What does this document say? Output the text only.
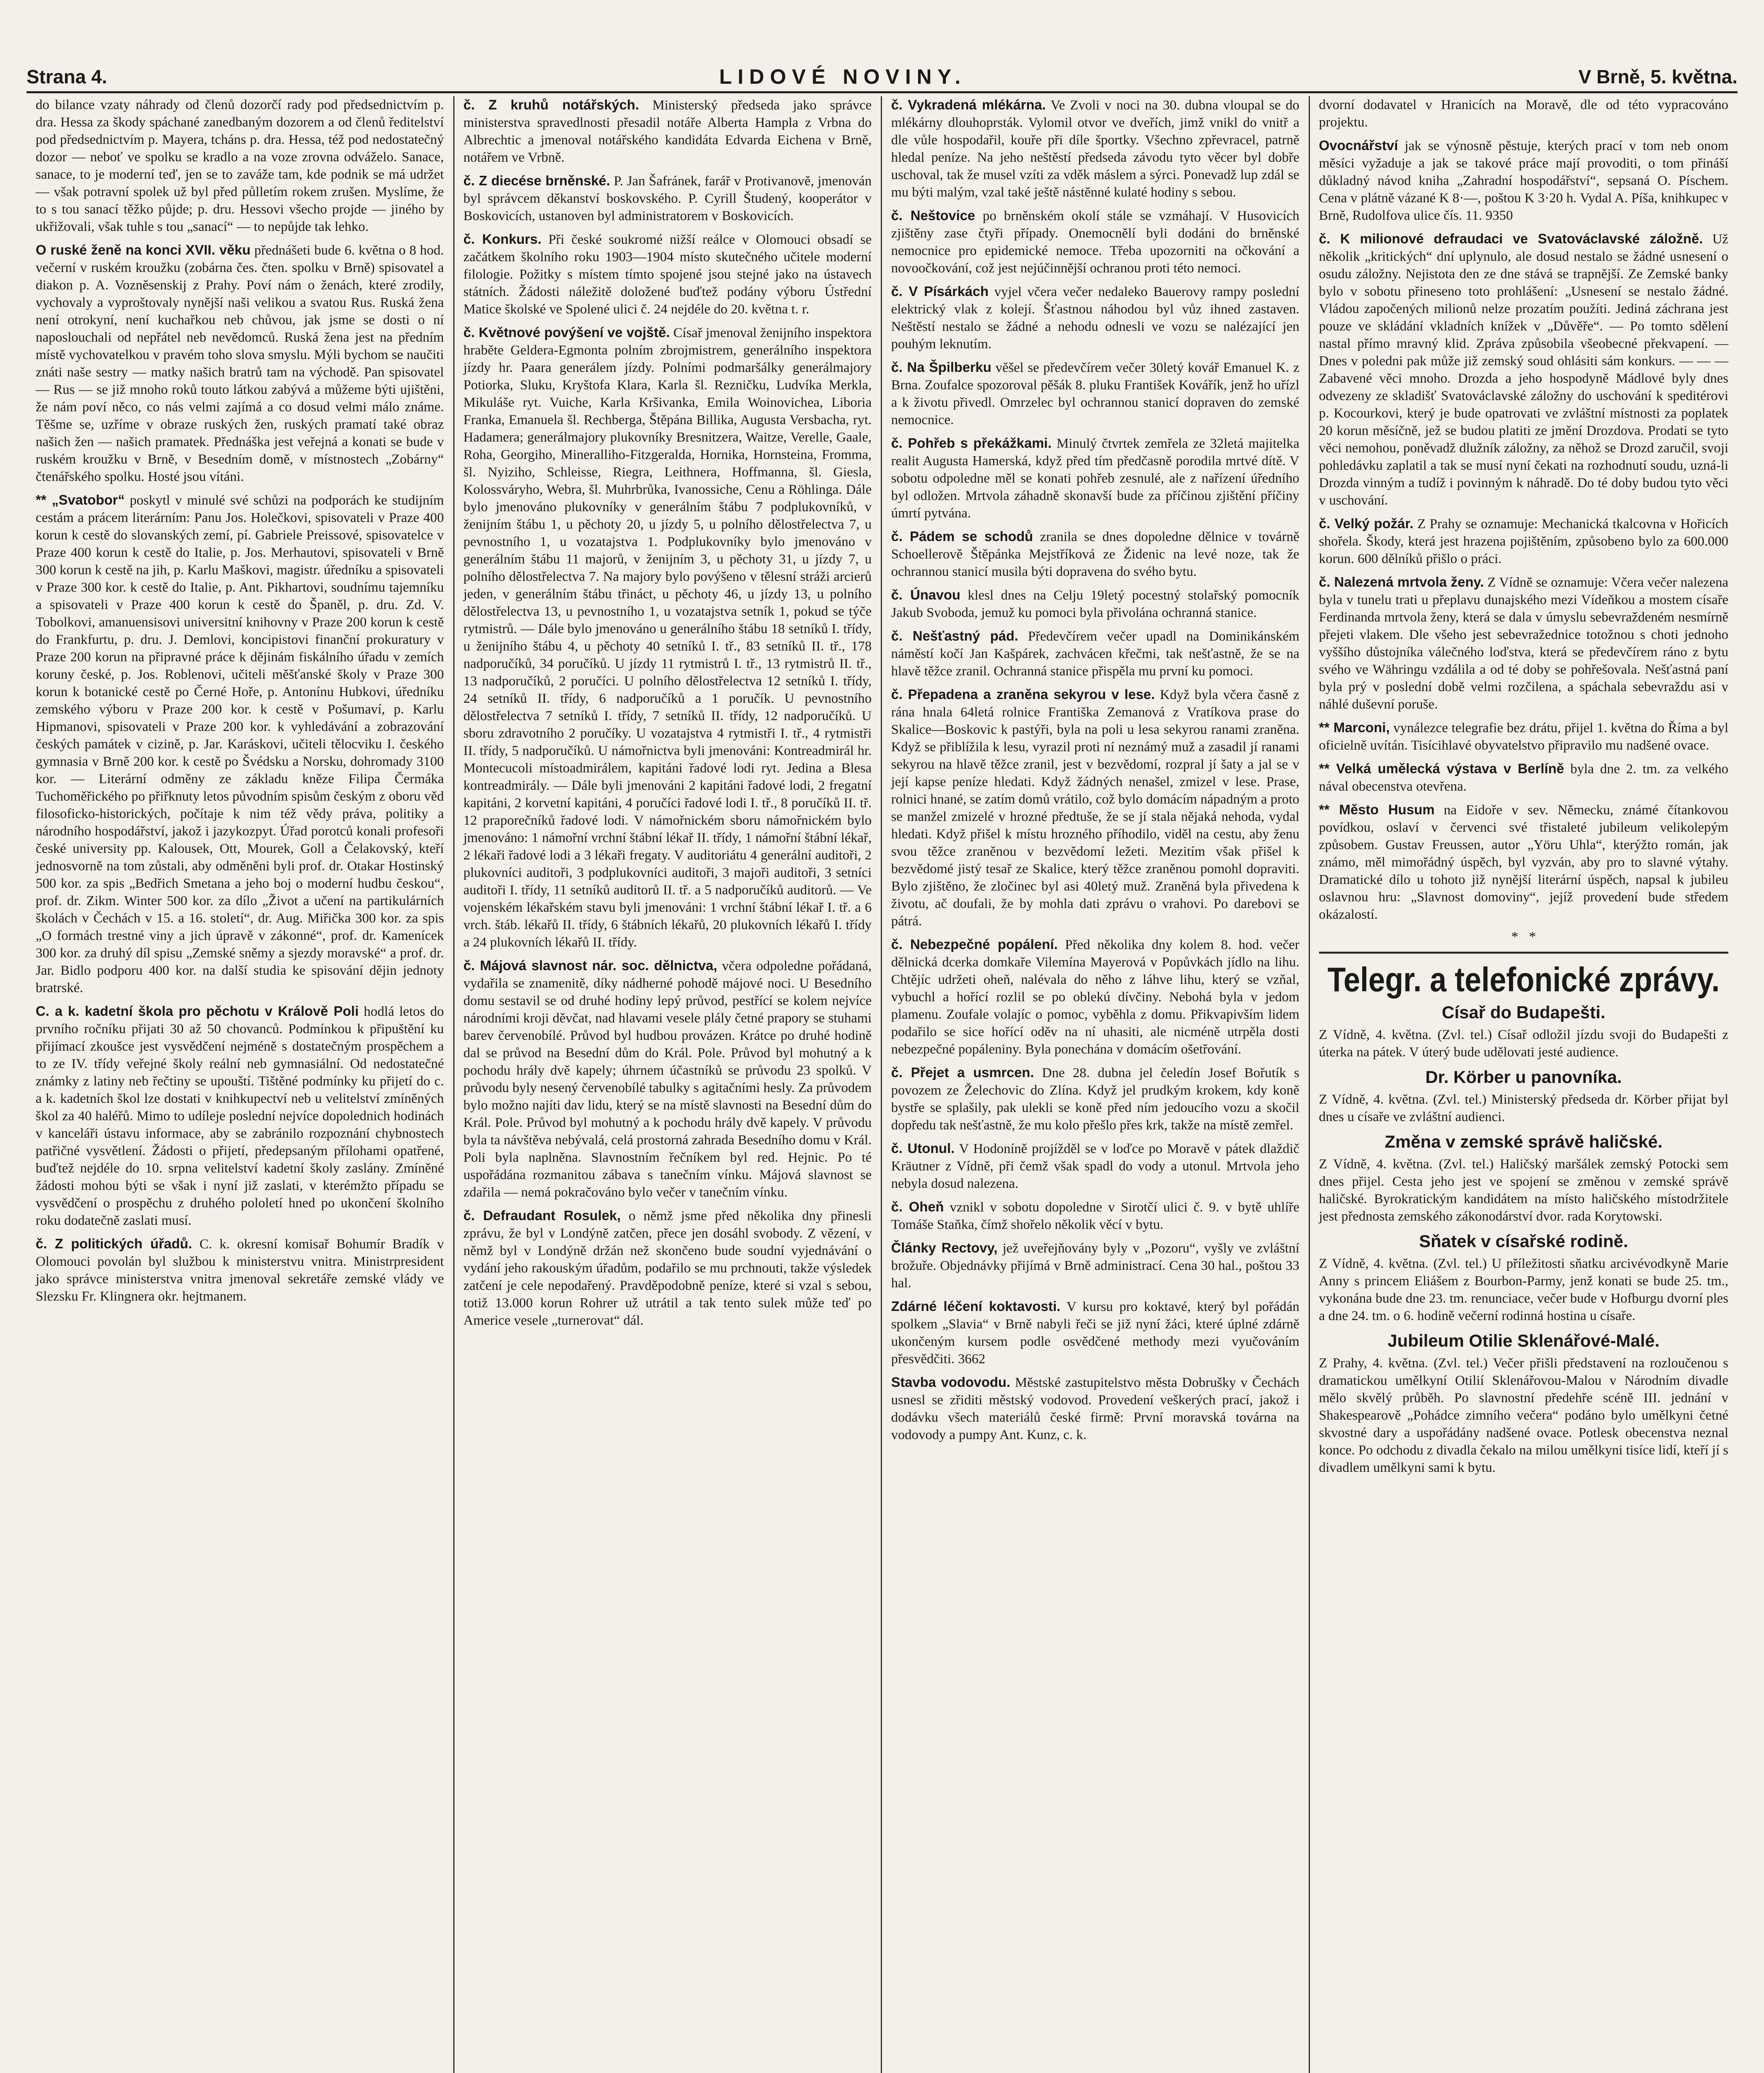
Strana 4.	LIDOVÉ NOVINY.	V Brně, 5. května.

do bilance vzaty náhrady od členů dozorčí rady pod předsednictvím p. dra. Hessa za škody spáchané zanedbaným dozorem a od členů ředitelství pod předsednictvím p. Mayera, tcháns p. dra. Hessa, též pod nedostatečný dozor — neboť ve spolku se kradlo a na voze zrovna odváželo. Sanace, sanace, to je moderní teď, jen se to zaváže tam, kde podnik se má udržet — však potravní spolek už byl před půlletím rokem zrušen. Myslíme, že to s tou sanací těžko půjde; p. dru. Hessovi všecho projde — jiného by ukřižovali, však tuhle s tou „sanací“ — to nepůjde tak lehko.

O ruské ženě na konci XVII. věku přednášeti bude 6. května o 8 hod. večerní v ruském kroužku (zobárna čes. čten. spolku v Brně) spisovatel a diakon p. A. Vozněsenskij z Prahy. Poví nám o ženách, které zrodily, vychovaly a vyproštovaly nynější naši velikou a svatou Rus. Ruská žena není otrokyní, není kuchařkou neb chůvou, jak jsme se dosti o ní naposlouchali od nepřátel neb nevědomců. Ruská žena jest na předním místě vychovatelkou v pravém toho slova smyslu. Mýli bychom se naučiti znáti naše sestry — matky našich bratrů tam na východě. Pan spisovatel — Rus — se již mnoho roků touto látkou zabývá a můžeme býti ujištěni, že nám poví něco, co nás velmi zajímá a co dosud velmi málo známe. Těšme se, uzříme v obraze ruských žen, ruských pramatí také obraz našich žen — našich pramatek. Přednáška jest veřejná a konati se bude v ruském kroužku v Brně, v Besedním domě, v místnostech „Zobárny“ čtenářského spolku. Hosté jsou vítáni.

** „Svatobor“ poskytl v minulé své schůzi na podporách ke studijním cestám a prácem literárním: Panu Jos. Holečkovi, spisovateli v Praze 400 korun k cestě do slovanských zemí, pí. Gabriele Preissové, spisovatelce v Praze 400 korun k cestě do Italie, p. Jos. Merhautovi, spisovateli v Brně 300 korun k cestě na jih, p. Karlu Maškovi, magistr. úředníku a spisovateli v Praze 300 kor. k cestě do Italie, p. Ant. Pikhartovi, soudnímu tajemníku a spisovateli v Praze 400 korun k cestě do Španěl, p. dru. Zd. V. Tobolkovi, amanuensisovi universitní knihovny v Praze 200 korun k cestě do Frankfurtu, p. dru. J. Demlovi, koncipistovi finanční prokuratury v Praze 200 korun na připravné práce k dějinám fiskálního úřadu v zemích koruny české, p. Jos. Roblenovi, učiteli měšťanské školy v Praze 300 korun k botanické cestě po Černé Hoře, p. Antonínu Hubkovi, úředníku zemského výboru v Praze 200 kor. k cestě v Pošumaví, p. Karlu Hipmanovi, spisovateli v Praze 200 kor. k vyhledávání a zobrazování českých památek v cizině, p. Jar. Karáskovi, učiteli tělocviku I. českého gymnasia v Brně 200 kor. k cestě po Švédsku a Norsku, dohromady 3100 kor. — Literární odměny ze základu kněze Filipa Čermáka Tuchoměřického po přiřknuty letos původním spisům českým z oboru věd filosoficko-historických, počítaje k nim též vědy práva, politiky a národního hospodářství, jakož i jazykozpyt. Úřad porotců konali profesoři české university pp. Kalousek, Ott, Mourek, Goll a Čelakovský, kteří jednosvorně na tom zůstali, aby odměněni byli prof. dr. Otakar Hostinský 500 kor. za spis „Bedřich Smetana a jeho boj o moderní hudbu českou“, prof. dr. Zikm. Winter 500 kor. za dílo „Život a učení na partikulárních školách v Čechách v 15. a 16. století“, dr. Aug. Miřička 300 kor. za spis „O formách trestné viny a jich úpravě v zákonné“, prof. dr. Kamenícek 300 kor. za druhý díl spisu „Zemské sněmy a sjezdy moravské“ a prof. dr. Jar. Bidlo podporu 400 kor. na další studia ke spisování dějin jednoty bratrské.

C. a k. kadetní škola pro pěchotu v Králově Poli hodlá letos do prvního ročníku přijati 30 až 50 chovanců. Podmínkou k připuštění ku přijímací zkoušce jest vysvědčení nejméně s dostatečným prospěchem a to ze IV. třídy veřejné školy reální neb gymnasiální. Od nedostatečné známky z latiny neb řečtiny se upouští. Tištěné podmínky ku přijetí do c. a k. kadetních škol lze dostati v knihkupectví neb u velitelství zmíněných škol za 40 haléřů. Mimo to udíleje poslední nejvíce dopolednich hodinách v kanceláři ústavu informace, aby se zabránilo rozpoznání chybnostech patřičné vysvětlení. Žádosti o přijetí, předepsaným přílohami opatřené, buďtež nejdéle do 10. srpna velitelství kadetní školy zaslány. Zmíněné žádosti mohou býti se však i nyní již zaslati, v kterémžto případu se vysvědčení o prospěchu z druhého pololetí hned po ukončení školního roku dodatečně zaslati musí.

č. Z politických úřadů. C. k. okresní komisař Bohumír Bradík v Olomouci povolán byl službou k ministerstvu vnitra. Ministrpresident jako správce ministerstva vnitra jmenoval sekretáře zemské vlády ve Slezsku Fr. Klingnera okr. hejtmanem.

č. Z kruhů notářských. Ministerský předseda jako správce ministerstva spravedlnosti přesadil notáře Alberta Hampla z Vrbna do Albrechtic a jmenoval notářského kandidáta Edvarda Eichena v Brně, notářem ve Vrbně.

č. Z diecése brněnské. P. Jan Šafránek, farář v Protivanově, jmenován byl správcem děkanství boskovského. P. Cyrill Študený, kooperátor v Boskovicích, ustanoven byl administratorem v Boskovicích.

č. Konkurs. Při české soukromé nižší reálce v Olomouci obsadí se začátkem školního roku 1903—1904 místo skutečného učitele moderní filologie. Požitky s místem tímto spojené jsou stejné jako na ústavech státních. Žádosti náležitě doložené buďtež podány výboru Ústřední Matice školské ve Spolené ulici č. 24 nejdéle do 20. května t. r.

č. Květnové povýšení ve vojště. Císař jmenoval ženijního inspektora hraběte Geldera-Egmonta polním zbrojmistrem, generálního inspektora jízdy hr. Paara generálem jízdy. Polními podmaršálky generálmajory Potiorka, Sluku, Kryštofa Klara, Karla šl. Rezničku, Ludvíka Merkla, Mikuláše ryt. Vuiche, Karla Kršivanka, Emila Woinovichea, Liboria Franka, Emanuela šl. Rechberga, Štěpána Billika, Augusta Versbacha, ryt. Hadamera; generálmajory plukovníky Bresnitzera, Waitze, Verelle, Gaale, Roha, Georgiho, Mineralliho-Fitzgeralda, Hornika, Hornsteina, Fromma, šl. Nyiziho, Schleisse, Riegra, Leithnera, Hoffmanna, šl. Giesla, Kolossváryho, Webra, šl. Muhrbrůka, Ivanossiche, Cenu a Röhlinga. Dále bylo jmenováno plukovníky v generálním štábu 7 podplukovníků, v ženijním štábu 1, u pěchoty 20, u jízdy 5, u polního dělostřelectva 7, u pevnostního 1, u vozatajstva 1. Podplukovníky bylo jmenováno v generálním štábu 11 majorů, v ženijním 3, u pěchoty 31, u jízdy 7, u polního dělostřelectva 7. Na majory bylo povýšeno v tělesní stráži arcierů jeden, v generálním štábu třináct, u pěchoty 46, u jízdy 13, u polního dělostřelectva 13, u pevnostního 1, u vozatajstva setník 1, pokud se týče rytmistrů. — Dále bylo jmenováno u generálního štábu 18 setníků I. třídy, u ženijního štábu 4, u pěchoty 40 setníků I. tř., 83 setníků II. tř., 178 nadporučíků, 34 poručíků. U jízdy 11 rytmistrů I. tř., 13 rytmistrů II. tř., 13 nadporučíků, 2 poručíci. U polního dělostřelectva 12 setníků I. třídy, 24 setníků II. třídy, 6 nadporučíků a 1 poručík. U pevnostního dělostřelectva 7 setníků I. třídy, 7 setníků II. třídy, 12 nadporučíků. U sboru zdravotního 2 poručíky. U vozatajstva 4 rytmistři I. tř., 4 rytmistři II. třídy, 5 nadporučíků. U námořnictva byli jmenováni: Kontreadmirál hr. Montecucoli místoadmirálem, kapitáni řadové lodi ryt. Jedina a Blesa kontreadmirály. — Dále byli jmenováni 2 kapitáni řadové lodi, 2 fregatní kapitáni, 2 korvetní kapitáni, 4 poručíci řadové lodi I. tř., 8 poručíků II. tř. 12 praporečníků řadové lodi. V námořnickém sboru námořnickém bylo jmenováno: 1 námořní vrchní štábní lékař II. třídy, 1 námořní štábní lékař, 2 lékaři řadové lodi a 3 lékaři fregaty. V auditoriátu 4 generální auditoři, 2 plukovníci auditoři, 3 podplukovníci auditoři, 3 majoři auditoři, 3 setníci auditoři I. třídy, 11 setníků auditorů II. tř. a 5 nadporučíků auditorů. — Ve vojenském lékařském stavu byli jmenováni: 1 vrchní štábní lékař I. tř. a 6 vrch. štáb. lékařů II. třídy, 6 štábních lékařů, 20 plukovních lékařů I. třídy a 24 plukovních lékařů II. třídy.

č. Májová slavnost nár. soc. dělnictva, včera odpoledne pořádaná, vydařila se znamenitě, díky nádherné pohodě májové noci. U Besedního domu sestavil se od druhé hodiny lepý průvod, pestřící se kolem nejvíce národními kroji děvčat, nad hlavami vesele plály četné prapory se stuhami barev červenobílé. Průvod byl hudbou provázen. Krátce po druhé hodině dal se průvod na Besední dům do Král. Pole. Průvod byl mohutný a k pochodu hrály dvě kapely; úhrnem účastníků se průvodu 23 spolků. V průvodu byly nesený červenobílé tabulky s agitačními hesly. Za průvodem bylo možno najíti dav lidu, který se na místě slavnosti na Besední dům do Král. Pole. Průvod byl mohutný a k pochodu hrály dvě kapely. V průvodu byla ta návštěva nebývalá, celá prostorná zahrada Besedního domu v Král. Poli byla naplněna. Slavnostním řečníkem byl red. Hejnic. Po té uspořádána rozmanitou zábava s tanečním vínku. Májová slavnost se zdařila — nemá pokračováno bylo večer v tanečním vínku.

č. Defraudant Rosulek, o němž jsme před několika dny přinesli zprávu, že byl v Londýně zatčen, přece jen dosáhl svobody. Z vězení, v němž byl v Londýně držán než skončeno bude soudní vyjednávání o vydání jeho rakouským úřadům, podařilo se mu prchnouti, takže výsledek zatčení je cele nepodařený. Pravděpodobně peníze, které si vzal s sebou, totiž 13.000 korun Rohrer už utrátil a tak tento sulek může teď po Americe vesele „turnerovat“ dál.

č. Vykradená mlékárna. Ve Zvoli v noci na 30. dubna vloupal se do mlékárny dlouhoprsták. Vylomil otvor ve dveřích, jimž vnikl do vnitř a dle vůle hospodařil, kouře při díle športky. Všechno zpřevracel, patrně hledal peníze. Na jeho neštěstí předseda závodu tyto věcer byl dobře uschoval, tak že musel vzíti za vděk máslem a sýrci. Ponevadž lup zdál se mu býti malým, vzal také ještě nástěnné kulaté hodiny s sebou.

č. Neštovice po brněnském okolí stále se vzmáhají. V Husovicích zjištěny zase čtyři případy. Onemocnělí byli dodáni do brněnské nemocnice pro epidemické nemoce. Třeba upozorniti na očkování a novoočkování, což jest nejúčinnější ochranou proti této nemoci.

č. V Písárkách vyjel včera večer nedaleko Bauerovy rampy poslední elektrický vlak z kolejí. Šťastnou náhodou byl vůz ihned zastaven. Neštěstí nestalo se žádné a nehodu odnesli ve vozu se nalézající jen pouhým leknutím.

č. Na Špilberku věšel se předevčírem večer 30letý kovář Emanuel K. z Brna. Zoufalce spozoroval pěšák 8. pluku František Kovářík, jenž ho uřízl a k životu přivedl. Omrzelec byl ochrannou stanicí dopraven do zemské nemocnice.

č. Pohřeb s překážkami. Minulý čtvrtek zemřela ze 32letá majitelka realit Augusta Hamerská, když před tím předčasně porodila mrtvé dítě. V sobotu odpoledne měl se konati pohřeb zesnulé, ale z nařízení úředního byl odložen. Mrtvola záhadně skonavší bude za příčinou zjištění příčiny úmrtí pytvána.

č. Pádem se schodů zranila se dnes dopoledne dělnice v továrně Schoellerově Štěpánka Mejstříková ze Židenic na levé noze, tak že ochrannou stanicí musila býti dopravena do svého bytu.

č. Únavou klesl dnes na Celju 19letý pocestný stolařský pomocník Jakub Svoboda, jemuž ku pomoci byla přivolána ochranná stanice.

č. Nešťastný pád. Předevčírem večer upadl na Dominikánském náměstí kočí Jan Kašpárek, zachvácen křečmi, tak nešťastně, že se na hlavě těžce zranil. Ochranná stanice přispěla mu první ku pomoci.

č. Přepadena a zraněna sekyrou v lese. Když byla včera časně z rána hnala 64letá rolnice Františka Zemanová z Vratíkova prase do Skalice—Boskovic k pastýři, byla na poli u lesa sekyrou ranami zraněna. Když se přiblížila k lesu, vyrazil proti ní neznámý muž a zasadil jí ranami sekyrou na hlavě těžce zranil, jest v bezvědomí, rozpral jí šaty a jal se v její kapse peníze hledati. Když žádných nenašel, zmizel v lese. Prase, rolnici hnané, se zatím domů vrátilo, což bylo domácím nápadným a proto se manžel zmizelé v hrozné předtuše, že se jí stala nějaká nehoda, vydal hledati. Když přišel k místu hrozného příhodilo, viděl na cestu, aby ženu svou těžce zraněnou v bezvědomí ležeti. Mezitím však přišel k bezvědomé jistý tesař ze Skalice, který těžce zraněnou pomohl dopraviti. Bylo zjištěno, že zločinec byl asi 40letý muž. Zraněná byla přivedena k životu, ač doufali, že by mohla dati zprávu o vrahovi. Po darebovi se pátrá.

č. Nebezpečné popálení. Před několika dny kolem 8. hod. večer dělnická dcerka domkaře Vilemína Mayerová v Popůvkách jídlo na lihu. Chtějíc udržeti oheň, nalévala do něho z láhve lihu, který se vzňal, vybuchl a hořící rozlil se po oblekú dívčiny. Nebohá byla v jedom plamenu. Zoufale volajíc o pomoc, vyběhla z domu. Přikvapivším lidem podařilo se sice hořící oděv na ní uhasiti, ale nicméně utrpěla dosti nebezpečné popáleniny. Byla ponechána v domácím ošetřování.

č. Přejet a usmrcen. Dne 28. dubna jel čeledín Josef Bořutík s povozem ze Želechovic do Zlína. Když jel prudkým krokem, kdy koně bystře se splašily, pak ulekli se koně před ním jedoucího vozu a skočil dopředu tak nešťastně, že mu kolo přešlo přes krk, takže na místě zemřel.

č. Utonul. V Hodoníně projížděl se v loďce po Moravě v pátek dlaždič Kräutner z Vídně, při čemž však spadl do vody a utonul. Mrtvola jeho nebyla dosud nalezena.

č. Oheň vznikl v sobotu dopoledne v Sirotčí ulici č. 9. v bytě uhlíře Tomáše Staňka, čímž shořelo několik věcí v bytu.

Články Rectovy, jež uveřejňovány byly v „Pozoru“, vyšly ve zvláštní brožuře. Objednávky přijímá v Brně administrací. Cena 30 hal., poštou 33 hal.

Zdárné léčení koktavosti. V kursu pro koktavé, který byl pořádán spolkem „Slavia“ v Brně nabyli řeči se již nyní žáci, které úplné zdárně ukončeným kursem podle osvědčené methody mezi vyučováním přesvědčiti. 3662

Stavba vodovodu. Městské zastupitelstvo města Dobrušky v Čechách usnesl se zřiditi městský vodovod. Provedení veškerých prací, jakož i dodávku všech materiálů české firmě: První moravská továrna na vodovody a pumpy Ant. Kunz, c. k.

dvorní dodavatel v Hranicích na Moravě, dle od této vypracováno projektu.

Ovocnářství jak se výnosně pěstuje, kterých prací v tom neb onom měsíci vyžaduje a jak se takové práce mají provoditi, o tom přináší důkladný návod kniha „Zahradní hospodářství“, sepsaná O. Píschem. Cena v plátně vázané K 8·—, poštou K 3·20 h. Vydal A. Píša, knihkupec v Brně, Rudolfova ulice čís. 11. 9350

č. K milionové defraudaci ve Svatováclavské záložně. Už několik „kritických“ dní uplynulo, ale dosud nestalo se žádné usnesení o osudu záložny. Nejistota den ze dne stává se trapnější. Ze Zemské banky bylo v sobotu přineseno toto prohlášení: „Usnesení se nestalo žádné. Vládou započených milionů nelze prozatím použíti. Jediná záchrana jest pouze ve skládání vkladních knížek v „Důvěře“. — Po tomto sdělení nastal přímo mravný klid. Zpráva způsobila všeobecné překvapení. — Dnes v poledni pak může již zemský soud ohlásiti sám konkurs. — — — Zabavené věci mnoho. Drozda a jeho hospodyně Mádlové byly dnes odvezeny ze skladišť Svatováclavské záložny do uschování k speditérovi p. Kocourkovi, který je bude opatrovati ve zvláštní místnosti za poplatek 20 korun měsíčně, jež se budou platiti ze jmění Drozdova. Prodati se tyto věci nemohou, poněvadž dlužník záložny, za něhož se Drozd zaručil, svoji pohledávku zaplatil a tak se musí nyní čekati na rozhodnutí soudu, uzná-li Drozda vinným a tudíž i povinným k náhradě. Do té doby budou tyto věci v uschování.

č. Velký požár. Z Prahy se oznamuje: Mechanická tkalcovna v Hořicích shořela. Škody, která jest hrazena pojištěním, způsobeno bylo za 600.000 korun. 600 dělníků přišlo o práci.

č. Nalezená mrtvola ženy. Z Vídně se oznamuje: Včera večer nalezena byla v tunelu trati u přeplavu dunajského mezi Vídeňkou a mostem císaře Ferdinanda mrtvola ženy, která se dala v úmyslu sebevraždeném nesmírně přejeti vlakem. Dle všeho jest sebevražednice totožnou s choti jednoho vyššího důstojníka válečného loďstva, která se předevčírem ráno z bytu svého ve Währingu vzdálila a od té doby se pohřešovala. Nešťastná paní byla prý v poslední době velmi rozčilena, a spáchala sebevraždu asi v náhlé duševní poruše.

** Marconi, vynálezce telegrafie bez drátu, přijel 1. května do Říma a byl oficielně uvítán. Tisícihlavé obyvatelstvo připravilo mu nadšené ovace.

** Velká umělecká výstava v Berlíně byla dne 2. tm. za velkého nával obecenstva otevřena.

** Město Husum na Eidoře v sev. Německu, známé čítankovou povídkou, oslaví v červenci své třistaleté jubileum velikolepým způsobem. Gustav Freussen, autor „Yöru Uhla“, kterýžto román, jak známo, měl mimořádný úspěch, byl vyzván, aby pro to slavné výtahy. Dramatické dílo u tohoto již nynější literární úspěch, napsal k jubileu oslavnou hru: „Slavnost domoviny“, jejíž provedení bude středem okázalostí.

*   *
Telegr. a telefonické zprávy.
Císař do Budapešti.

Z Vídně, 4. května. (Zvl. tel.) Císař odložil jízdu svoji do Budapešti z úterka na pátek. V úterý bude udělovati jesté audience.

Dr. Körber u panovníka.

Z Vídně, 4. května. (Zvl. tel.) Ministerský předseda dr. Körber přijat byl dnes u císaře ve zvláštní audienci.

Změna v zemské správě haličské.

Z Vídně, 4. května. (Zvl. tel.) Haličský maršálek zemský Potocki sem dnes přijel. Cesta jeho jest ve spojení se změnou v zemské správě haličské. Byrokratickým kandidátem na místo haličského místodržitele jest přednosta zemského zákonodárství dvor. rada Korytowski.

Sňatek v císařské rodině.

Z Vídně, 4. května. (Zvl. tel.) U příležitosti sňatku arcivévodkyně Marie Anny s princem Eliášem z Bourbon-Parmy, jenž konati se bude 25. tm., vykonána bude dne 23. tm. renunciace, večer bude v Hofburgu dvorní ples a dne 24. tm. o 6. hodině večerní rodinná hostina u císaře.

Jubileum Otilie Sklenářové-Malé.

Z Prahy, 4. května. (Zvl. tel.) Večer přišli představení na rozloučenou s dramatickou umělkyní Otilií Sklenářovou-Malou v Národním divadle mělo skvělý průběh. Po slavnostní předehře scéně III. jednání v Shakespearově „Pohádce zimního večera“ podáno bylo umělkyni četné skvostné dary a uspořádány nadšené ovace. Potlesk obecenstva neznal konce. Po odchodu z divadla čekalo na milou umělkyni tisíce lidí, kteří jí s divadlem umělkyni sami k bytu.
